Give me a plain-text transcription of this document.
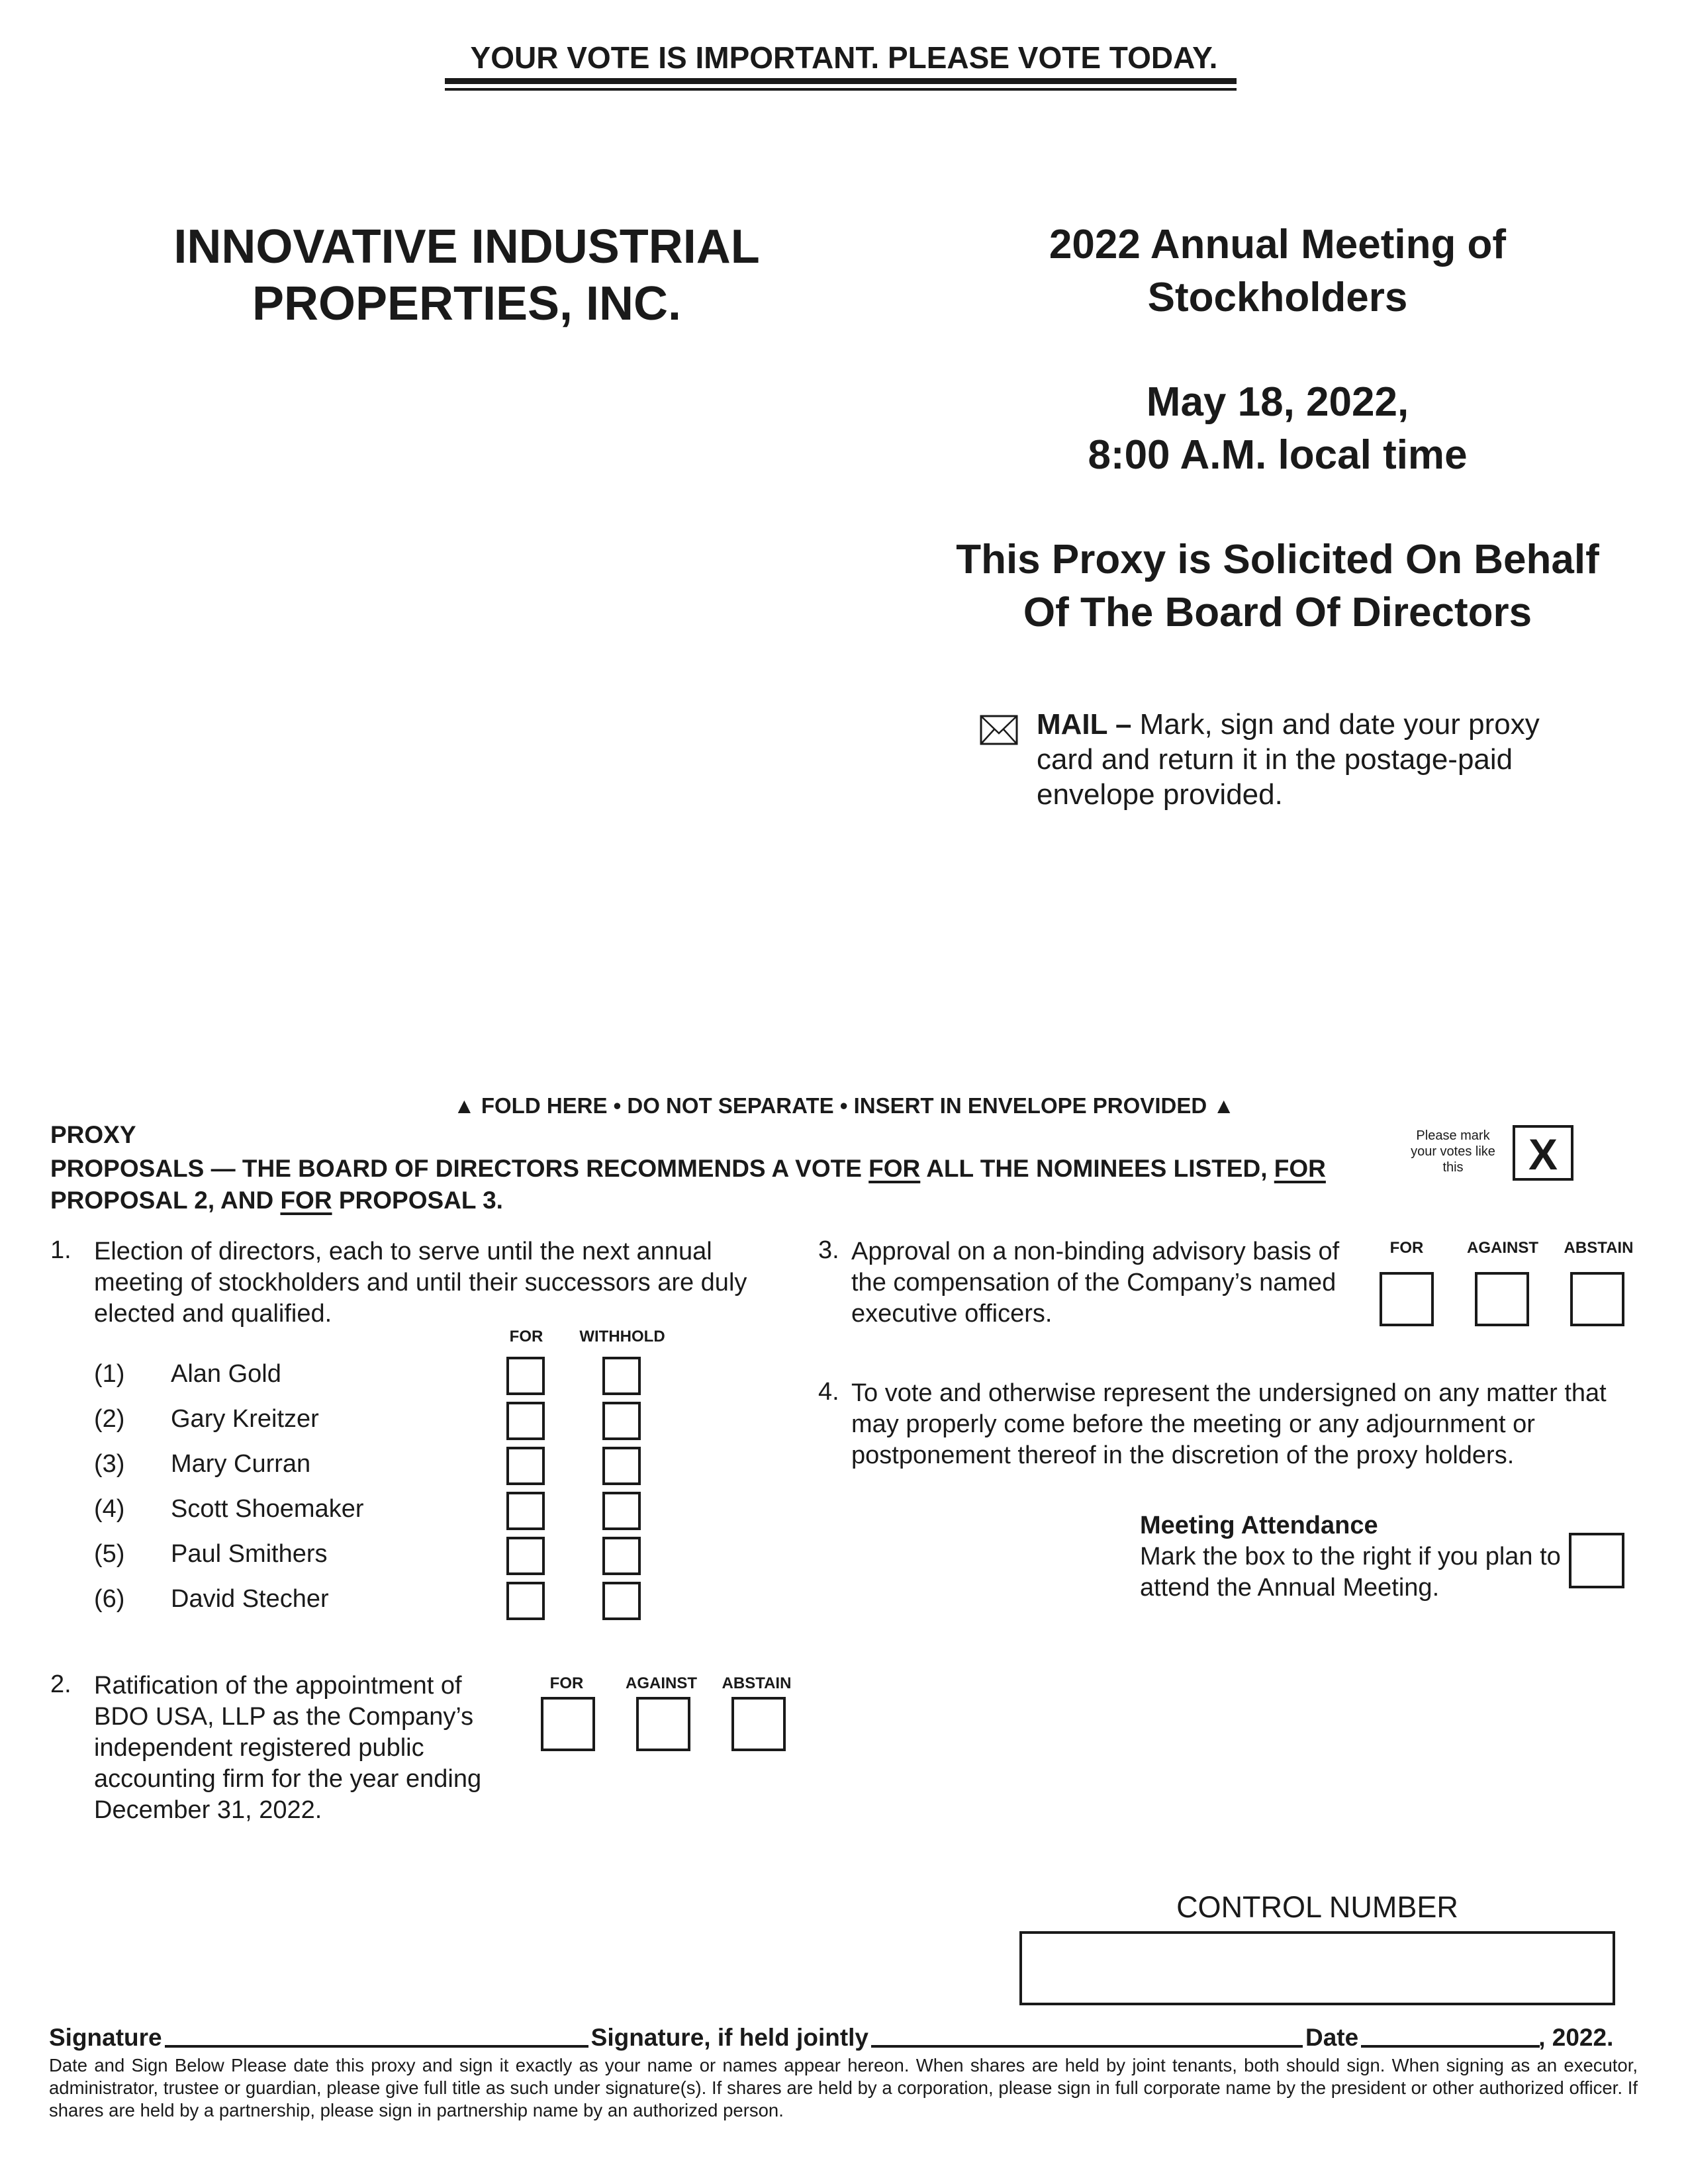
YOUR VOTE IS IMPORTANT. PLEASE VOTE TODAY.
INNOVATIVE INDUSTRIAL
PROPERTIES, INC.
2022 Annual Meeting of
Stockholders
May 18, 2022,
8:00 A.M. local time
This Proxy is Solicited On Behalf
Of The Board Of Directors
MAIL – Mark, sign and date your proxy card and return it in the postage-paid envelope provided.
▲ FOLD HERE • DO NOT SEPARATE • INSERT IN ENVELOPE PROVIDED ▲
PROXY
PROPOSALS — THE BOARD OF DIRECTORS RECOMMENDS A VOTE FOR ALL THE NOMINEES LISTED, FOR PROPOSAL 2, AND FOR PROPOSAL 3.
Please mark your votes like this	X
1. Election of directors, each to serve until the next annual meeting of stockholders and until their successors are duly elected and qualified.
FOR	WITHHOLD
(1)	Alan Gold
(2)	Gary Kreitzer
(3)	Mary Curran
(4)	Scott Shoemaker
(5)	Paul Smithers
(6)	David Stecher
3. Approval on a non-binding advisory basis of the compensation of the Company’s named executive officers.
FOR	AGAINST	ABSTAIN
4. To vote and otherwise represent the undersigned on any matter that may properly come before the meeting or any adjournment or postponement thereof in the discretion of the proxy holders.
Meeting Attendance
Mark the box to the right if you plan to attend the Annual Meeting.
2. Ratification of the appointment of BDO USA, LLP as the Company’s independent registered public accounting firm for the year ending December 31, 2022.
FOR	AGAINST	ABSTAIN
CONTROL NUMBER
Signature	Signature, if held jointly	Date	, 2022.
Date and Sign Below Please date this proxy and sign it exactly as your name or names appear hereon. When shares are held by joint tenants, both should sign. When signing as an executor, administrator, trustee or guardian, please give full title as such under signature(s). If shares are held by a corporation, please sign in full corporate name by the president or other authorized officer. If shares are held by a partnership, please sign in partnership name by an authorized person.
